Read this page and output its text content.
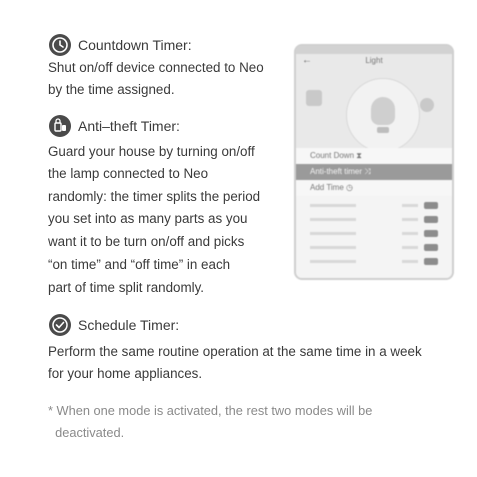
Countdown Timer:
Shut on/off device connected to Neo
by the time assigned.
Anti–theft Timer:
Guard your house by turning on/off
the lamp connected to Neo
randomly: the timer splits the period
you set into as many parts as you
want it to be turn on/off and picks
“on time” and “off time” in each
part of time split randomly.
Light
←
Count Down ⧗
Anti-theft timer ⤨
Add Time ◷
Schedule Timer:
Perform the same routine operation at the same time in a week
for your home appliances.
* When one mode is activated, the rest two modes will be
deactivated.
